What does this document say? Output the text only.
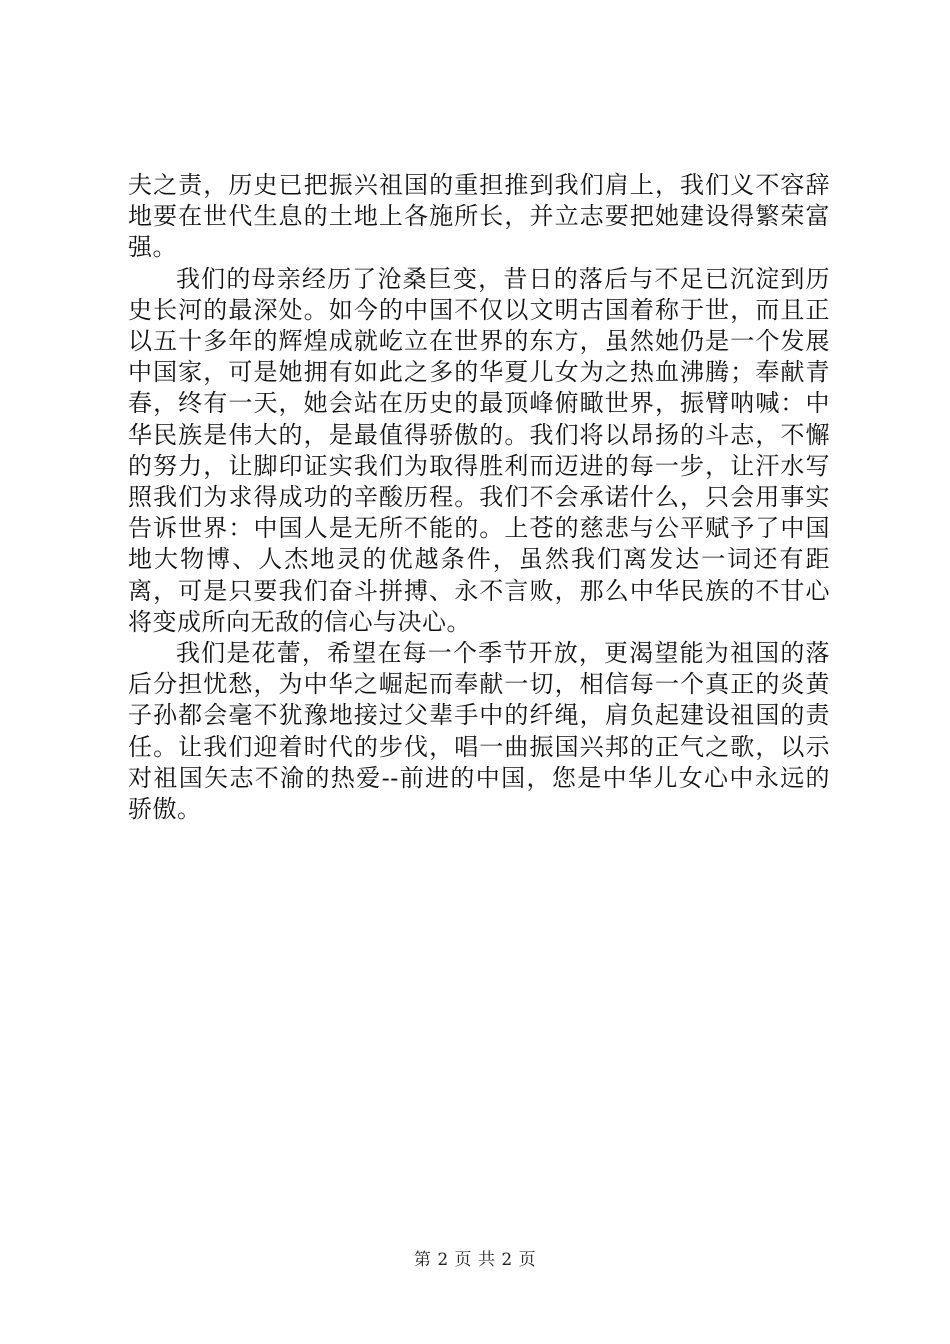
夫之责，历史已把振兴祖国的重担推到我们肩上，我们义不容辞地要在世代生息的土地上各施所长，并立志要把她建设得繁荣富强。

我们的母亲经历了沧桑巨变，昔日的落后与不足已沉淀到历史长河的最深处。如今的中国不仅以文明古国着称于世，而且正以五十多年的辉煌成就屹立在世界的东方，虽然她仍是一个发展中国家，可是她拥有如此之多的华夏儿女为之热血沸腾；奉献青春，终有一天，她会站在历史的最顶峰俯瞰世界，振臂呐喊：中华民族是伟大的，是最值得骄傲的。我们将以昂扬的斗志，不懈的努力，让脚印证实我们为取得胜利而迈进的每一步，让汗水写照我们为求得成功的辛酸历程。我们不会承诺什么，只会用事实告诉世界：中国人是无所不能的。上苍的慈悲与公平赋予了中国地大物博、人杰地灵的优越条件，虽然我们离发达一词还有距离，可是只要我们奋斗拼搏、永不言败，那么中华民族的不甘心将变成所向无敌的信心与决心。

我们是花蕾，希望在每一个季节开放，更渴望能为祖国的落后分担忧愁，为中华之崛起而奉献一切，相信每一个真正的炎黄子孙都会毫不犹豫地接过父辈手中的纤绳，肩负起建设祖国的责任。让我们迎着时代的步伐，唱一曲振国兴邦的正气之歌，以示对祖国矢志不渝的热爱--前进的中国，您是中华儿女心中永远的骄傲。

第 2 页 共 2 页
